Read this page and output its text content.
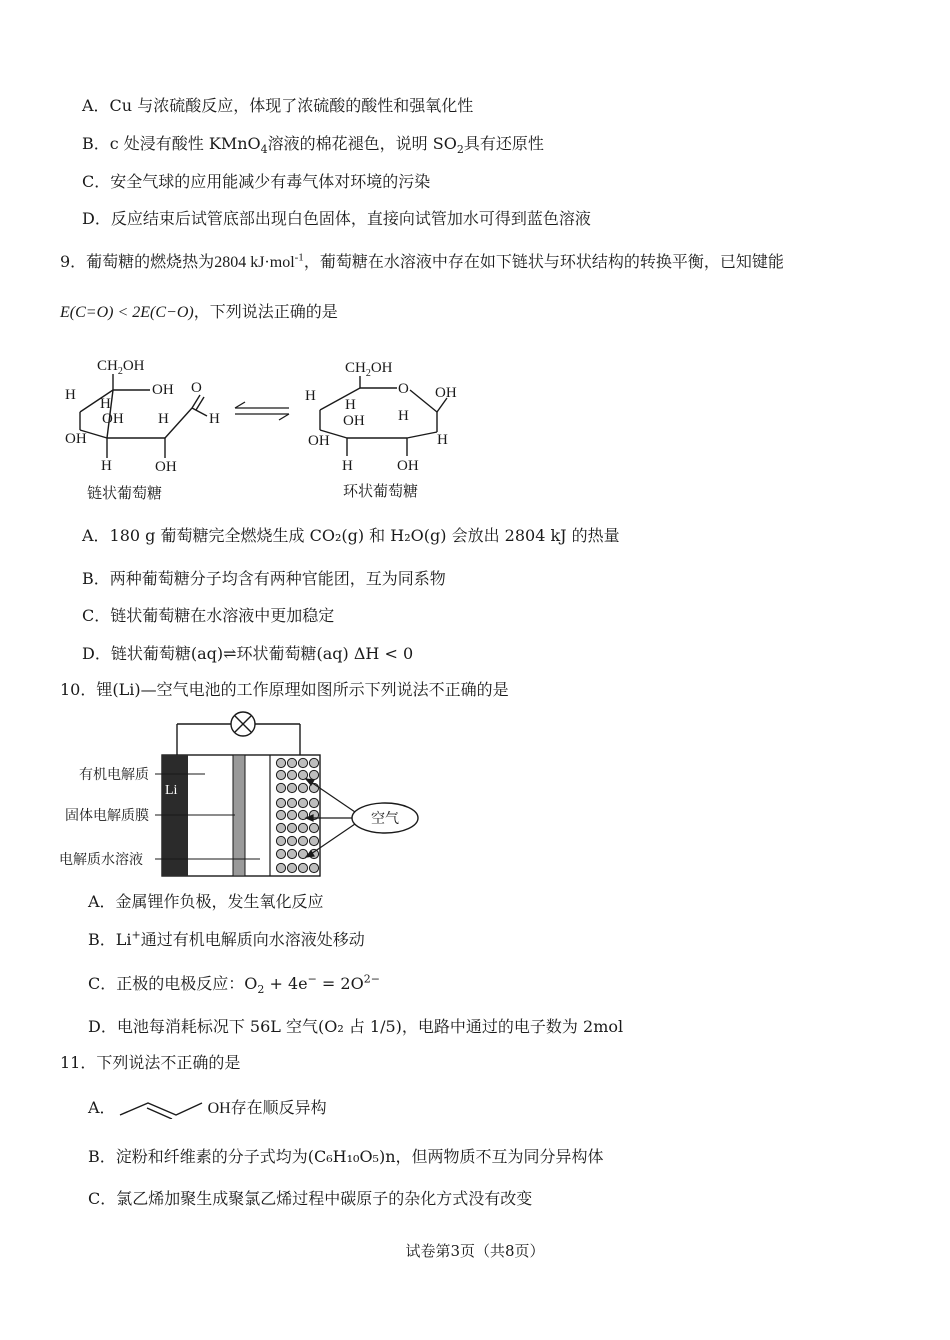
A．Cu 与浓硫酸反应，体现了浓硫酸的酸性和强氧化性
B．c 处浸有酸性 KMnO$_4$溶液的棉花褪色，说明 $SO_2$具有还原性
C．安全气球的应用能减少有毒气体对环境的污染
D．反应结束后试管底部出现白色固体，直接向试管加水可得到蓝色溶液
9．葡萄糖的燃烧热为2804 kJ·mol$^{-1}$，葡萄糖在水溶液中存在如下链状与环状结构的转换平衡，已知键能
E(C=O) < 2E(C−O)，下列说法正确的是
$CH_2OH$
OH
H
OH
H
OH
H	OH
H
O
H
$CH_2OH$
O OH
H
OH
H
H
OH
H
OH
H
链状葡萄糖	环状葡萄糖
A．180 g 葡萄糖完全燃烧生成 CO₂(g) 和 H₂O(g) 会放出 2804 kJ 的热量
B．两种葡萄糖分子均含有两种官能团，互为同系物
C．链状葡萄糖在水溶液中更加稳定
D．链状葡萄糖(aq)⇌环状葡萄糖(aq) ΔH < 0
10．锂(Li)—空气电池的工作原理如图所示下列说法不正确的是
Li
有机电解质
固体电解质膜
电解质水溶液
空气
A．金属锂作负极，发生氧化反应
B．Li+通过有机电解质向水溶液处移动
C．正极的电极反应：$O_2 + 4e^- = 2O^{2-}$
D．电池每消耗标况下 56L 空气(O₂ 占 1/5)，电路中通过的电子数为 2mol
11．下列说法不正确的是
A．	OH存在顺反异构
B．淀粉和纤维素的分子式均为(C₆H₁₀O₅)n，但两物质不互为同分异构体
C．氯乙烯加聚生成聚氯乙烯过程中碳原子的杂化方式没有改变
试卷第3页（共8页）
